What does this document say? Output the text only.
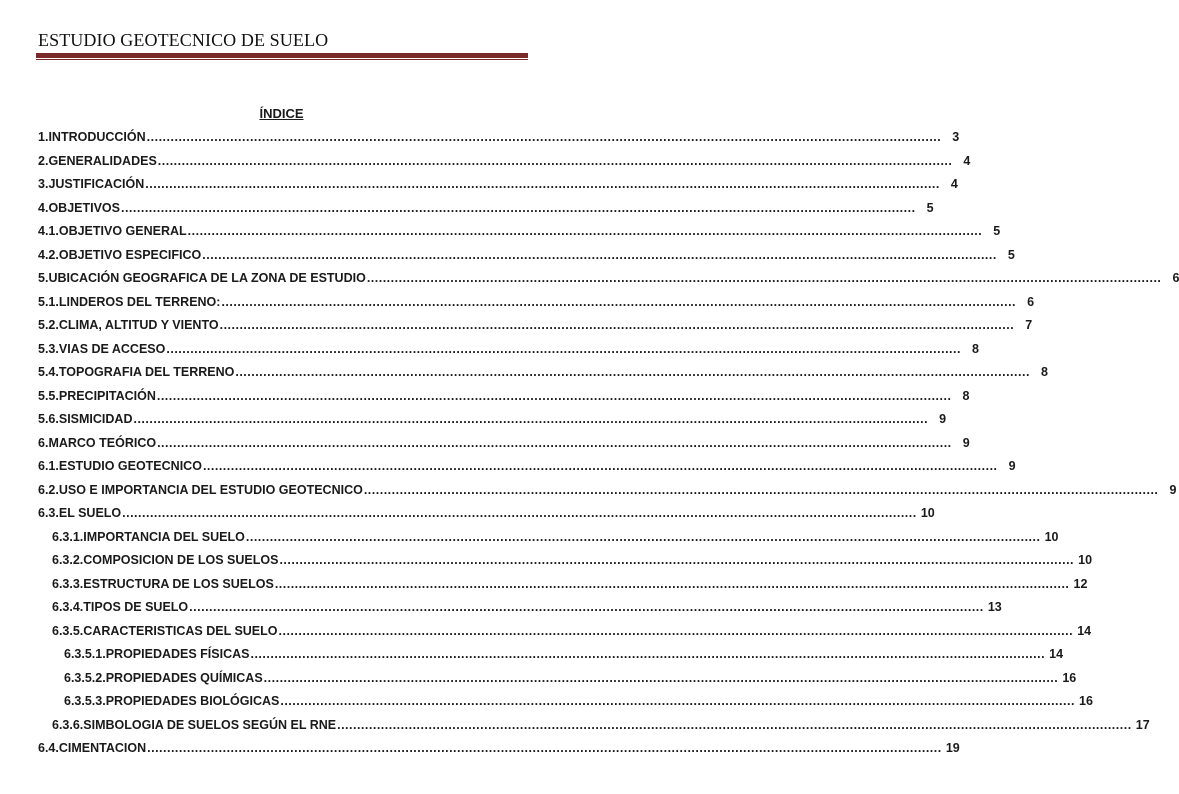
ESTUDIO GEOTECNICO DE SUELO
ÍNDICE
1. INTRODUCCIÓN ........................................................................................................................................................................................................ 3
2. GENERALIDADES ........................................................................................................................................................................................................ 4
3. JUSTIFICACIÓN ........................................................................................................................................................................................................ 4
4. OBJETIVOS ........................................................................................................................................................................................................ 5
4.1. OBJETIVO GENERAL ........................................................................................................................................................................................................ 5
4.2. OBJETIVO ESPECIFICO ........................................................................................................................................................................................................ 5
5. UBICACIÓN GEOGRAFICA DE LA ZONA DE ESTUDIO ........................................................................................................................................................................................................ 6
5.1. LINDEROS DEL TERRENO: ........................................................................................................................................................................................................ 6
5.2. CLIMA, ALTITUD Y VIENTO ........................................................................................................................................................................................................ 7
5.3. VIAS DE ACCESO ........................................................................................................................................................................................................ 8
5.4. TOPOGRAFIA DEL TERRENO ........................................................................................................................................................................................................ 8
5.5. PRECIPITACIÓN ........................................................................................................................................................................................................ 8
5.6. SISMICIDAD ........................................................................................................................................................................................................ 9
6. MARCO TEÓRICO ........................................................................................................................................................................................................ 9
6.1. ESTUDIO GEOTECNICO ........................................................................................................................................................................................................ 9
6.2. USO E IMPORTANCIA DEL ESTUDIO GEOTECNICO ........................................................................................................................................................................................................ 9
6.3. EL SUELO ........................................................................................................................................................................................................ 10
6.3.1. IMPORTANCIA DEL SUELO ........................................................................................................................................................................................................ 10
6.3.2. COMPOSICION DE LOS SUELOS ........................................................................................................................................................................................................ 10
6.3.3. ESTRUCTURA DE LOS SUELOS ........................................................................................................................................................................................................ 12
6.3.4. TIPOS DE SUELO ........................................................................................................................................................................................................ 13
6.3.5. CARACTERISTICAS DEL SUELO ........................................................................................................................................................................................................ 14
6.3.5.1. PROPIEDADES FÍSICAS ........................................................................................................................................................................................................ 14
6.3.5.2. PROPIEDADES QUÍMICAS ........................................................................................................................................................................................................ 16
6.3.5.3. PROPIEDADES BIOLÓGICAS ........................................................................................................................................................................................................ 16
6.3.6. SIMBOLOGIA DE SUELOS SEGÚN EL RNE ........................................................................................................................................................................................................ 17
6.4. CIMENTACION ........................................................................................................................................................................................................ 19
